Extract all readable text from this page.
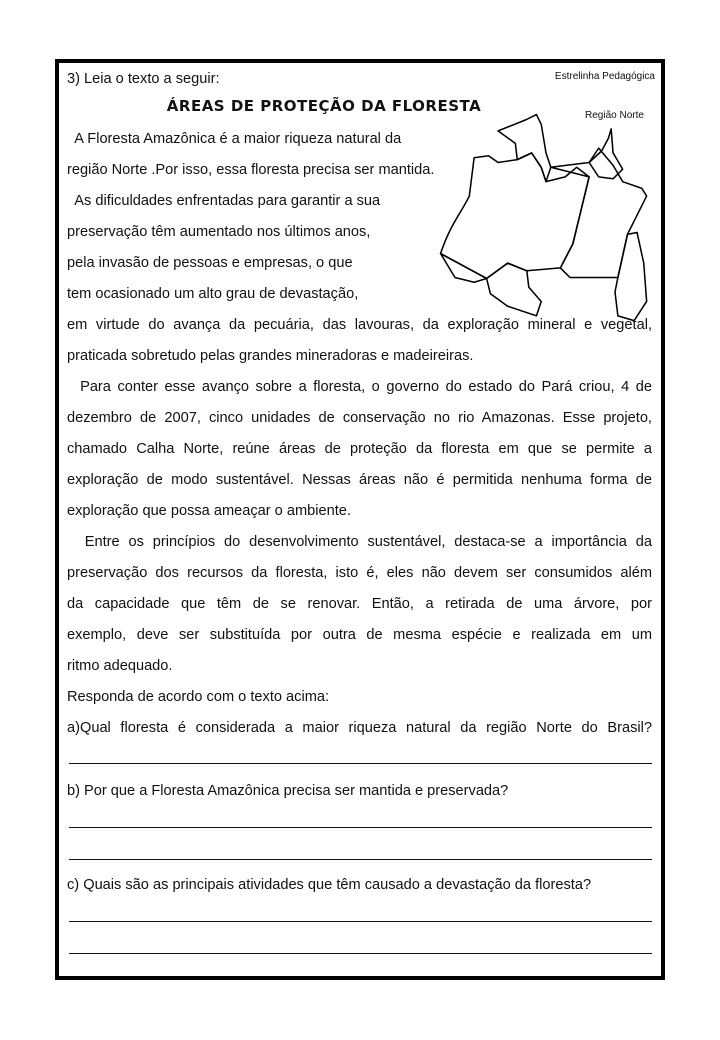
3) Leia o texto a seguir:	Estrelinha Pedagógica
ÁREAS DE PROTEÇÃO DA FLORESTA
Região Norte
A Floresta Amazônica é a maior riqueza natural da
região Norte .Por isso, essa floresta precisa ser mantida.
As dificuldades enfrentadas para garantir a sua
preservação têm aumentado nos últimos anos,
pela invasão de pessoas e empresas, o que
tem ocasionado um alto grau de devastação,
em virtude do avança da pecuária, das lavouras, da exploração mineral e vegetal,
praticada sobretudo pelas grandes mineradoras e madeireiras.
Para conter esse avanço sobre a floresta, o governo do estado do Pará criou, 4 de
dezembro de 2007, cinco unidades de conservação no rio Amazonas. Esse projeto,
chamado Calha Norte, reúne áreas de proteção da floresta em que se permite a
exploração de modo sustentável. Nessas áreas não é permitida nenhuma forma de
exploração que possa ameaçar o ambiente.
Entre os princípios do desenvolvimento sustentável, destaca-se a importância da
preservação dos recursos da floresta, isto é, eles não devem ser consumidos além
da capacidade que têm de se renovar. Então, a retirada de uma árvore, por
exemplo, deve ser substituída por outra de mesma espécie e realizada em um
ritmo adequado.
Responda de acordo com o texto acima:
a)Qual floresta é considerada a maior riqueza natural da região Norte do Brasil?
b) Por que a Floresta Amazônica precisa ser mantida e preservada?
c) Quais são as principais atividades que têm causado a devastação da floresta?
